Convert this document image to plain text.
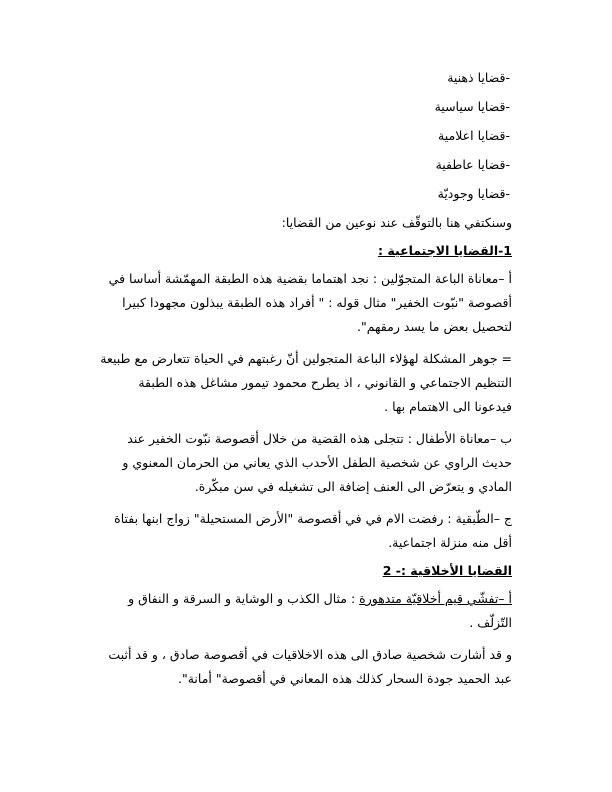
-قضايا ذهنية
-قضايا سياسية
-قضايا اعلامية
-قضايا عاطفية
-قضايا وجوديّة
وسنكتفي هنا بالتوقّف عند نوعين من القضايا:
1-القضايا الاجتماعية :
أ –معاناة الباعة المتجوّلين : نجد اهتماما بقضية هذه الطبقة المهمّشة أساسا في أقصوصة "نبّوت الخفير" مثال قوله : " أفراد هذه الطبقة يبذلون مجهودا كبيرا لتحصيل بعض ما يسد رمقهم".
= جوهر المشكلة لهؤلاء الباعة المتجولين أنّ رغبتهم في الحياة تتعارض مع طبيعة التنظيم الاجتماعي و القانوني ، اذ يطرح محمود تيمور مشاغل هذه الطبقة فيدعونا الى الاهتمام بها .
ب –معاناة الأطفال : تتجلى هذه القضية من خلال أقصوصة نبّوت الخفير عند حديث الراوي عن شخصية الطفل الأحدب الذي يعاني من الحرمان المعنوي و المادي و يتعرّض الى العنف إضافة الى تشغيله في سن مبكّرة.
ج –الطّبقية : رفضت الام في في أقصوصة "الأرض المستحيلة" زواج ابنها بفتاة أقل منه منزلة اجتماعية.
القضايا الأخلاقية :- 2
أ –تفشّي قيم أخلاقيّة متدهورة : مثال الكذب و الوشاية و السرقة و النفاق و التّزلّف .
و قد أشارت شخصية صادق الى هذه الاخلاقيات في أقصوصة صادق ، و قد أثبت عبد الحميد جودة السحار كذلك هذه المعاني في أقصوصة" أمانة".
